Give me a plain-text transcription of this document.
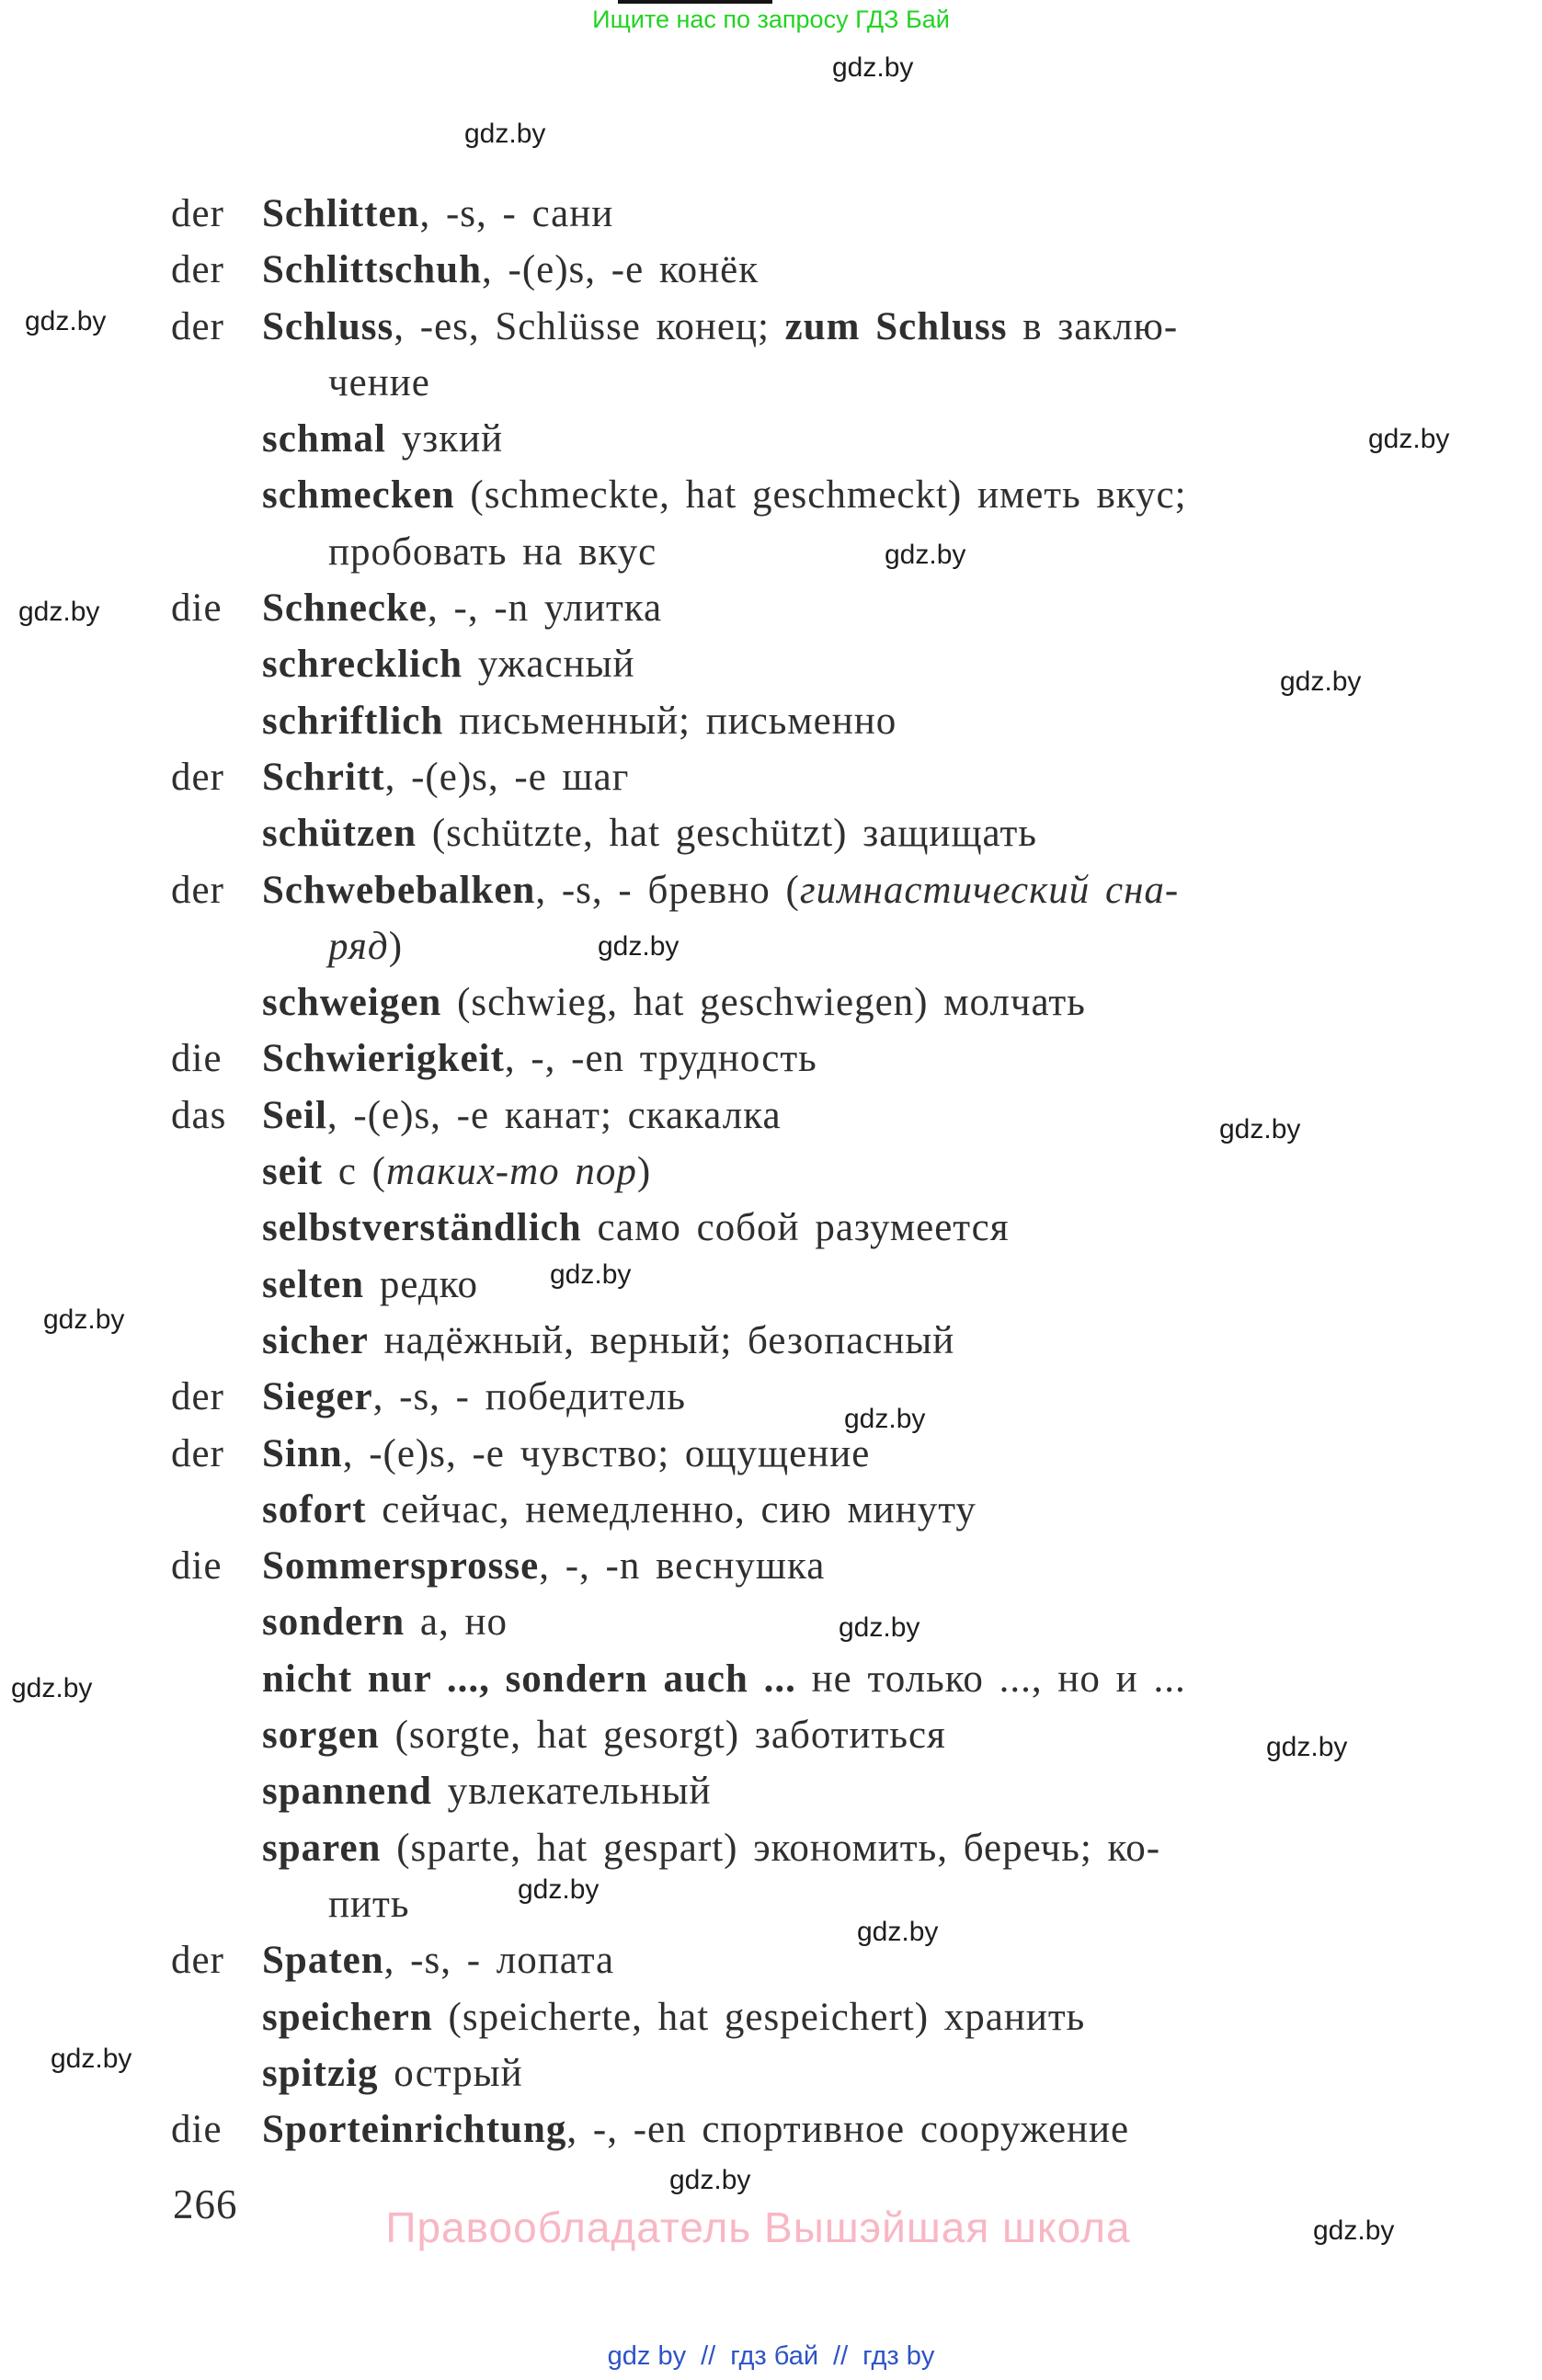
Ищите нас по запросу ГДЗ Бай
der Schlitten, -s, - сани
der Schlittschuh, -(e)s, -e конёк
der Schluss, -es, Schlüsse конец; zum Schluss в заклю-
чение
schmal узкий
schmecken (schmeckte, hat geschmeckt) иметь вкус;
пробовать на вкус
die Schnecke, -, -n улитка
schrecklich ужасный
schriftlich письменный; письменно
der Schritt, -(e)s, -e шаг
schützen (schützte, hat geschützt) защищать
der Schwebebalken, -s, - бревно (гимнастический сна-
ряд)
schweigen (schwieg, hat geschwiegen) молчать
die Schwierigkeit, -, -en трудность
das Seil, -(e)s, -e канат; скакалка
seit с (таких-то пор)
selbstverständlich само собой разумеется
selten редко
sicher надёжный, верный; безопасный
der Sieger, -s, - победитель
der Sinn, -(e)s, -e чувство; ощущение
sofort сейчас, немедленно, сию минуту
die Sommersprosse, -, -n веснушка
sondern а, но
nicht nur ..., sondern auch ... не только ..., но и ...
sorgen (sorgte, hat gesorgt) заботиться
spannend увлекательный
sparen (sparte, hat gespart) экономить, беречь; ко-
пить
der Spaten, -s, - лопата
speichern (speicherte, hat gespeichert) хранить
spitzig острый
die Sporteinrichtung, -, -en спортивное сооружение
266	Правообладатель Вышэйшая школа
gdz by // гдз бай // гдз by
gdz.by
gdz.by
gdz.by
gdz.by
gdz.by
gdz.by
gdz.by
gdz.by
gdz.by
gdz.by
gdz.by
gdz.by
gdz.by
gdz.by
gdz.by
gdz.by
gdz.by
gdz.by
gdz.by
gdz.by
